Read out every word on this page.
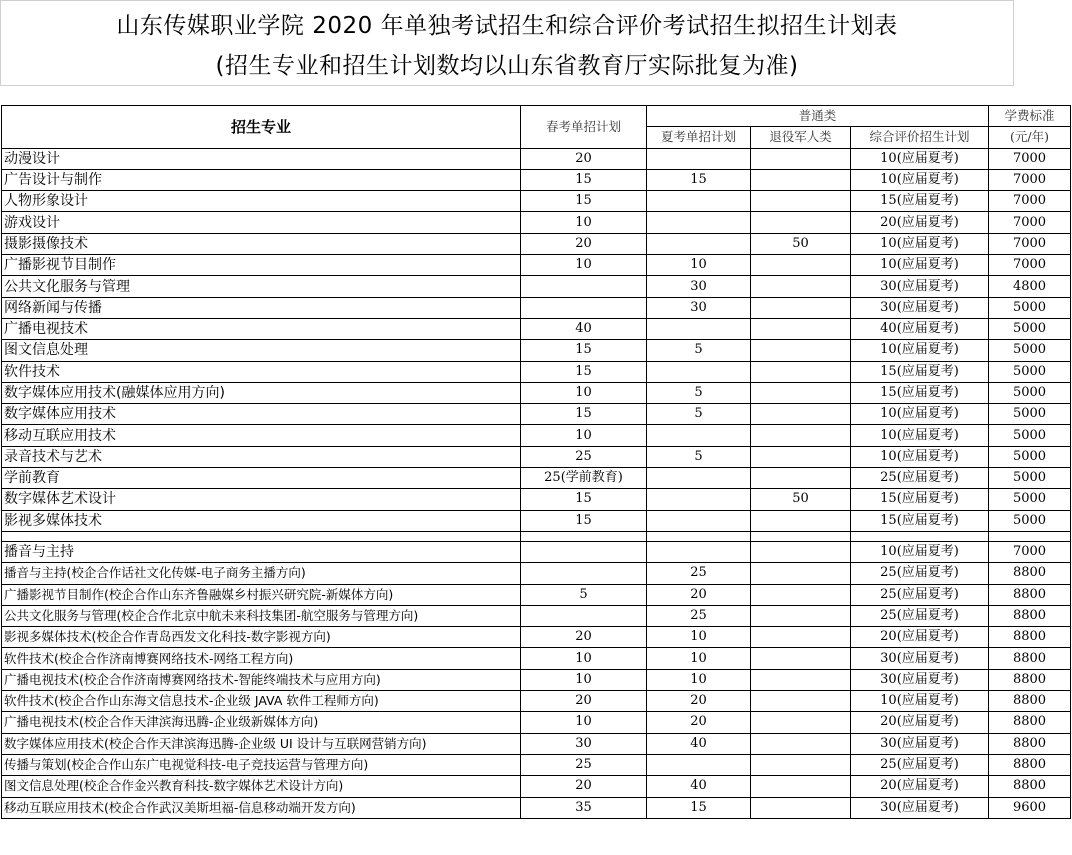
山东传媒职业学院 2020 年单独考试招生和综合评价考试招生拟招生计划表
(招生专业和招生计划数均以山东省教育厅实际批复为准)
招生专业	春考单招计划	普通类			学费标准
		夏考单招计划	退役军人类	综合评价招生计划	(元/年)
动漫设计	20			10(应届夏考)	7000
广告设计与制作	15	15		10(应届夏考)	7000
人物形象设计	15			15(应届夏考)	7000
游戏设计	10			20(应届夏考)	7000
摄影摄像技术	20		50	10(应届夏考)	7000
广播影视节目制作	10	10		10(应届夏考)	7000
公共文化服务与管理		30		30(应届夏考)	4800
网络新闻与传播		30		30(应届夏考)	5000
广播电视技术	40			40(应届夏考)	5000
图文信息处理	15	5		10(应届夏考)	5000
软件技术	15			15(应届夏考)	5000
数字媒体应用技术(融媒体应用方向)	10	5		15(应届夏考)	5000
数字媒体应用技术	15	5		10(应届夏考)	5000
移动互联应用技术	10			10(应届夏考)	5000
录音技术与艺术	25	5		10(应届夏考)	5000
学前教育	25(学前教育)			25(应届夏考)	5000
数字媒体艺术设计	15		50	15(应届夏考)	5000
影视多媒体技术	15			15(应届夏考)	5000

播音与主持				10(应届夏考)	7000
播音与主持(校企合作话社文化传媒-电子商务主播方向)		25		25(应届夏考)	8800
广播影视节目制作(校企合作山东齐鲁融媒乡村振兴研究院-新媒体方向)	5	20		25(应届夏考)	8800
公共文化服务与管理(校企合作北京中航未来科技集团-航空服务与管理方向)		25		25(应届夏考)	8800
影视多媒体技术(校企合作青岛西发文化科技-数字影视方向)	20	10		20(应届夏考)	8800
软件技术(校企合作济南博赛网络技术-网络工程方向)	10	10		30(应届夏考)	8800
广播电视技术(校企合作济南博赛网络技术-智能终端技术与应用方向)	10	10		30(应届夏考)	8800
软件技术(校企合作山东海文信息技术-企业级 JAVA 软件工程师方向)	20	20		10(应届夏考)	8800
广播电视技术(校企合作天津滨海迅腾-企业级新媒体方向)	10	20		20(应届夏考)	8800
数字媒体应用技术(校企合作天津滨海迅腾-企业级 UI 设计与互联网营销方向)	30	40		30(应届夏考)	8800
传播与策划(校企合作山东广电视觉科技-电子竞技运营与管理方向)	25			25(应届夏考)	8800
图文信息处理(校企合作金兴教育科技-数字媒体艺术设计方向)	20	40		20(应届夏考)	8800
移动互联应用技术(校企合作武汉美斯坦福-信息移动端开发方向)	35	15		30(应届夏考)	9600
